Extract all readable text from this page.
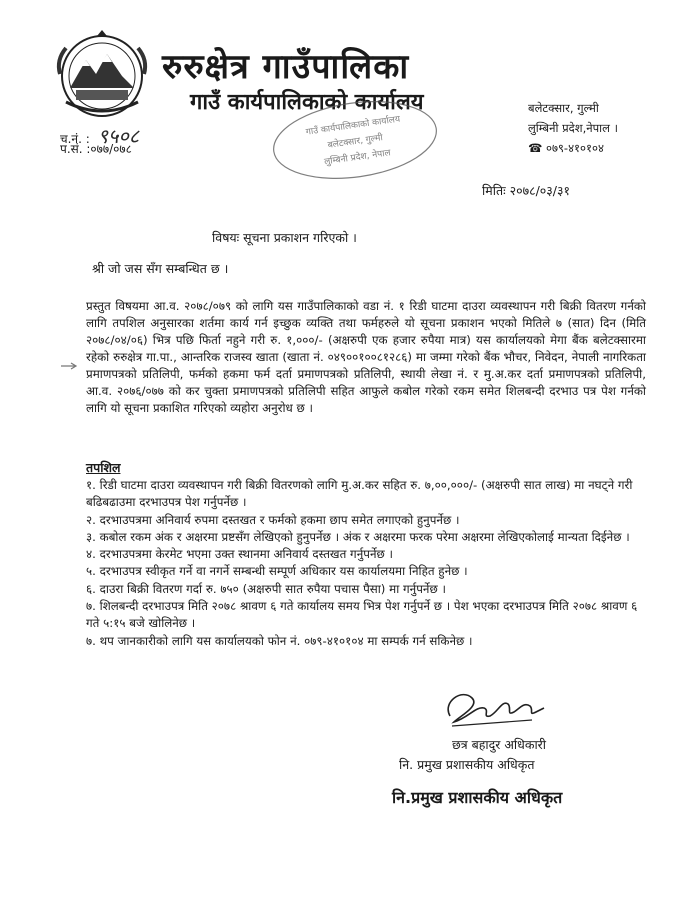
रुरुक्षेत्र गाउँपालिका
गाउँ कार्यपालिकाको कार्यालय
च.नं. : ९५०८
प.सं. :०७७/०७८
गाउँ कार्यपालिकाको कार्यालय
बलेटक्सार, गुल्मी
लुम्बिनी प्रदेश, नेपाल
बलेटक्सार, गुल्मी
लुम्बिनी प्रदेश,नेपाल ।
☎ ०७९-४१०१०४
मितिः २०७८/०३/३१
विषयः सूचना प्रकाशन गरिएको ।
श्री जो जस सँग सम्बन्धित छ ।
प्रस्तुत विषयमा आ.व. २०७८/०७९ को लागि यस गाउँपालिकाको वडा नं. १ रिडी घाटमा दाउरा व्यवस्थापन गरी बिक्री वितरण गर्नको लागि तपशिल अनुसारका शर्तमा कार्य गर्न इच्छुक व्यक्ति तथा फर्महरुले यो सूचना प्रकाशन भएको मितिले ७ (सात) दिन (मिति २०७८/०४/०६) भित्र पछि फिर्ता नहुने गरी रु. १,०००/- (अक्षरुपी एक हजार रुपैया मात्र) यस कार्यालयको मेगा बैंक बलेटक्सारमा रहेको रुरुक्षेत्र गा.पा., आन्तरिक राजस्व खाता (खाता नं. ०४९००१००८१२८६) मा जम्मा गरेको बैंक भौचर, निवेदन, नेपाली नागरिकता प्रमाणपत्रको प्रतिलिपी, फर्मको हकमा फर्म दर्ता प्रमाणपत्रको प्रतिलिपी, स्थायी लेखा नं. र मु.अ.कर दर्ता प्रमाणपत्रको प्रतिलिपी, आ.व. २०७६/०७७ को कर चुक्ता प्रमाणपत्रको प्रतिलिपी सहित आफुले कबोल गरेको रकम समेत शिलबन्दी दरभाउ पत्र पेश गर्नको लागि यो सूचना प्रकाशित गरिएको व्यहोरा अनुरोध छ ।
तपशिल
१. रिडी घाटमा दाउरा व्यवस्थापन गरी बिक्री वितरणको लागि मु.अ.कर सहित रु. ७,००,०००/- (अक्षरुपी सात लाख) मा नघट्ने गरी बढिबढाउमा दरभाउपत्र पेश गर्नुपर्नेछ ।
२. दरभाउपत्रमा अनिवार्य रुपमा दस्तखत र फर्मको हकमा छाप समेत लगाएको हुनुपर्नेछ ।
३. कबोल रकम अंक र अक्षरमा प्रष्टसँग लेखिएको हुनुपर्नेछ । अंक र अक्षरमा फरक परेमा अक्षरमा लेखिएकोलाई मान्यता दिईनेछ ।
४. दरभाउपत्रमा केरमेट भएमा उक्त स्थानमा अनिवार्य दस्तखत गर्नुपर्नेछ ।
५. दरभाउपत्र स्वीकृत गर्ने वा नगर्ने सम्बन्धी सम्पूर्ण अधिकार यस कार्यालयमा निहित हुनेछ ।
६. दाउरा बिक्री वितरण गर्दा रु. ७५० (अक्षरुपी सात रुपैया पचास पैसा) मा गर्नुपर्नेछ ।
७. शिलबन्दी दरभाउपत्र मिति २०७८ श्रावण ६ गते कार्यालय समय भित्र पेश गर्नुपर्ने छ । पेश भएका दरभाउपत्र मिति २०७८ श्रावण ६ गते ५:१५ बजे खोलिनेछ ।
७. थप जानकारीको लागि यस कार्यालयको फोन नं. ०७९-४१०१०४ मा सम्पर्क गर्न सकिनेछ ।
छत्र बहादुर अधिकारी
नि. प्रमुख प्रशासकीय अधिकृत
नि.प्रमुख प्रशासकीय अधिकृत
